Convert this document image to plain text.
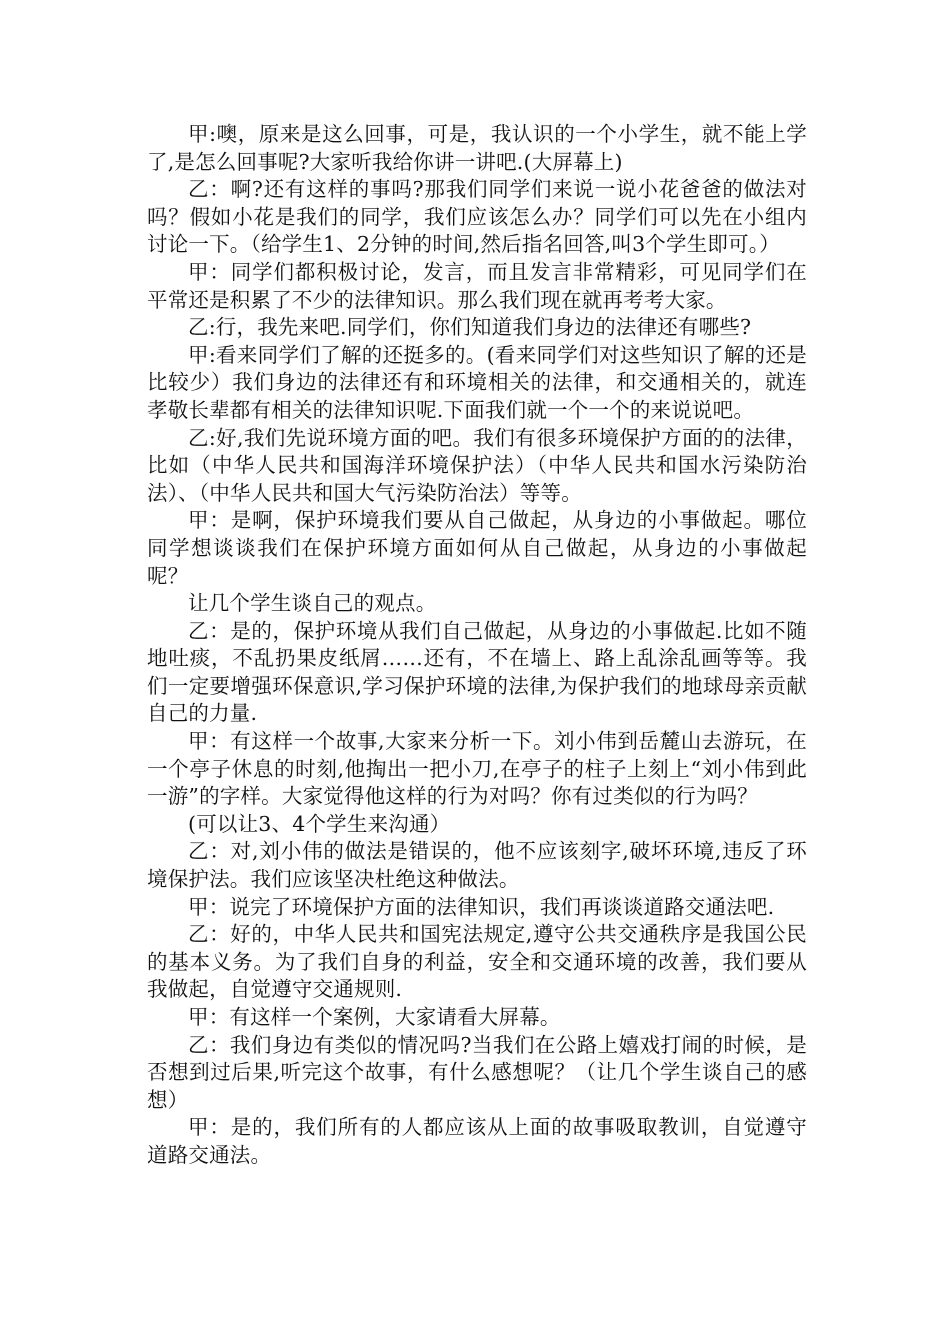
甲:噢，原来是这么回事，可是，我认识的一个小学生，就不能上学了,是怎么回事呢?大家听我给你讲一讲吧.(大屏幕上)

乙：啊?还有这样的事吗?那我们同学们来说一说小花爸爸的做法对吗？假如小花是我们的同学，我们应该怎么办？同学们可以先在小组内讨论一下。（给学生1、2分钟的时间,然后指名回答,叫3个学生即可。）

甲：同学们都积极讨论，发言，而且发言非常精彩，可见同学们在平常还是积累了不少的法律知识。那么我们现在就再考考大家。

乙:行，我先来吧.同学们，你们知道我们身边的法律还有哪些?

甲:看来同学们了解的还挺多的。(看来同学们对这些知识了解的还是比较少）我们身边的法律还有和环境相关的法律，和交通相关的，就连孝敬长辈都有相关的法律知识呢.下面我们就一个一个的来说说吧。

乙:好,我们先说环境方面的吧。我们有很多环境保护方面的的法律，比如（中华人民共和国海洋环境保护法）（中华人民共和国水污染防治法）、（中华人民共和国大气污染防治法）等等。

甲：是啊，保护环境我们要从自己做起，从身边的小事做起。哪位同学想谈谈我们在保护环境方面如何从自己做起，从身边的小事做起呢？

让几个学生谈自己的观点。

乙：是的，保护环境从我们自己做起，从身边的小事做起.比如不随地吐痰，不乱扔果皮纸屑……还有，不在墙上、路上乱涂乱画等等。我们一定要增强环保意识,学习保护环境的法律,为保护我们的地球母亲贡献自己的力量.

甲：有这样一个故事,大家来分析一下。刘小伟到岳麓山去游玩，在一个亭子休息的时刻,他掏出一把小刀,在亭子的柱子上刻上“刘小伟到此一游”的字样。大家觉得他这样的行为对吗？你有过类似的行为吗？

(可以让3、4个学生来沟通）

乙：对,刘小伟的做法是错误的，他不应该刻字,破坏环境,违反了环境保护法。我们应该坚决杜绝这种做法。

甲：说完了环境保护方面的法律知识，我们再谈谈道路交通法吧.

乙：好的，中华人民共和国宪法规定,遵守公共交通秩序是我国公民的基本义务。为了我们自身的利益，安全和交通环境的改善，我们要从我做起，自觉遵守交通规则.

甲：有这样一个案例，大家请看大屏幕。

乙：我们身边有类似的情况吗?当我们在公路上嬉戏打闹的时候，是否想到过后果,听完这个故事，有什么感想呢？（让几个学生谈自己的感想）

甲：是的，我们所有的人都应该从上面的故事吸取教训，自觉遵守道路交通法。
